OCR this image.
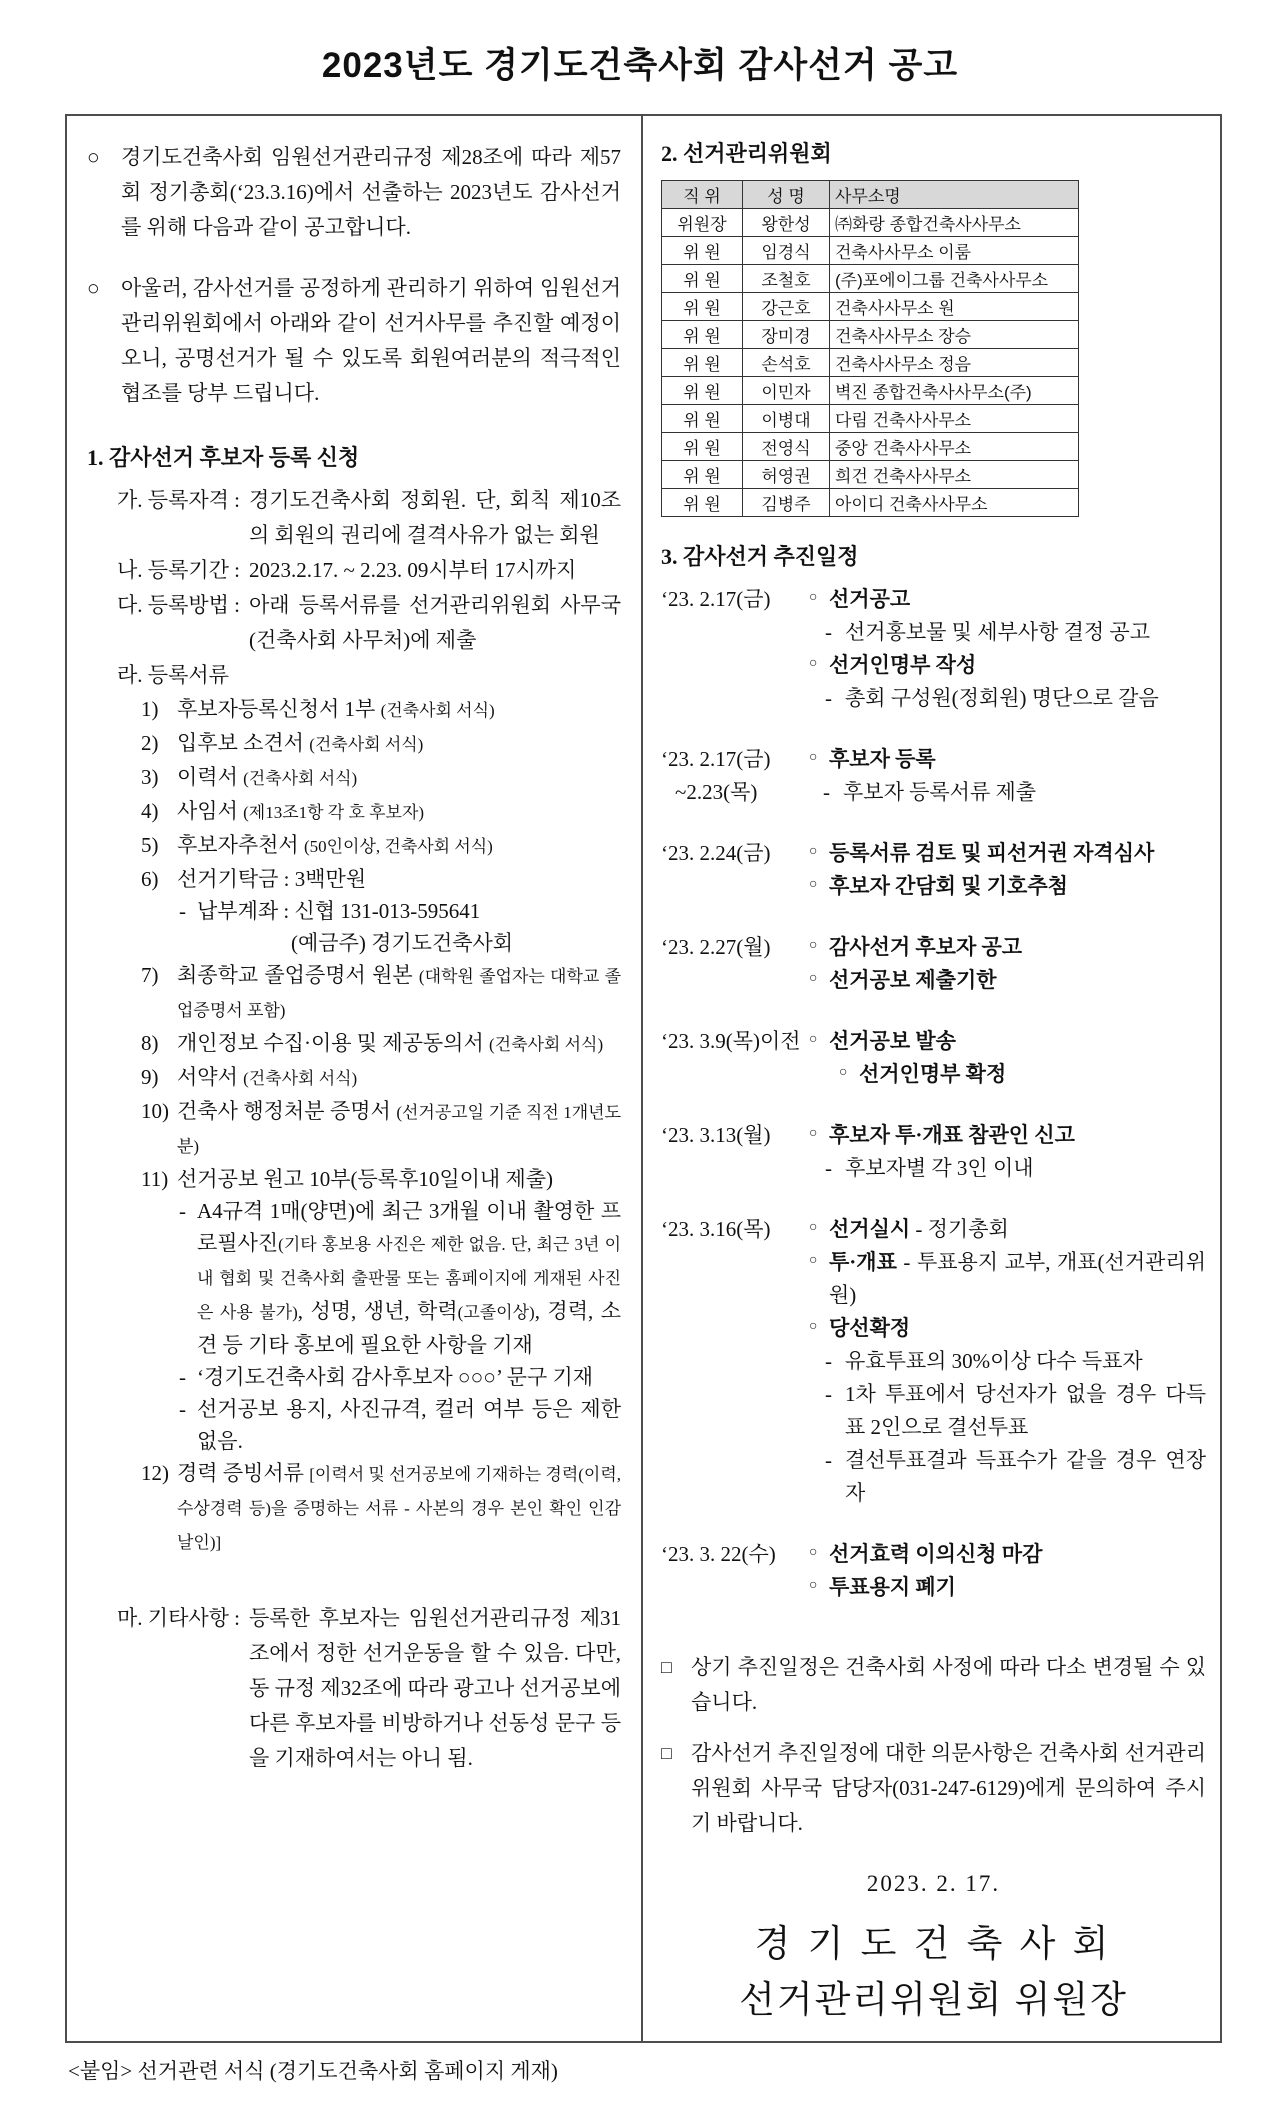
2023년도 경기도건축사회 감사선거 공고
○	경기도건축사회 임원선거관리규정 제28조에 따라 제57회 정기총회(‘23.3.16)에서 선출하는 2023년도 감사선거를 위해 다음과 같이 공고합니다.
○	아울러, 감사선거를 공정하게 관리하기 위하여 임원선거관리위원회에서 아래와 같이 선거사무를 추진할 예정이오니, 공명선거가 될 수 있도록 회원여러분의 적극적인 협조를 당부 드립니다.
1. 감사선거 후보자 등록 신청
가. 등록자격 : 경기도건축사회 정회원. 단, 회칙 제10조의 회원의 권리에 결격사유가 없는 회원
나. 등록기간 : 2023.2.17. ~ 2.23. 09시부터 17시까지
다. 등록방법 : 아래 등록서류를 선거관리위원회 사무국 (건축사회 사무처)에 제출
라. 등록서류
1) 후보자등록신청서 1부 (건축사회 서식)
2) 입후보 소견서 (건축사회 서식)
3) 이력서 (건축사회 서식)
4) 사임서 (제13조1항 각 호 후보자)
5) 후보자추천서 (50인이상, 건축사회 서식)
6) 선거기탁금 : 3백만원
- 납부계좌 : 신협 131-013-595641
(예금주) 경기도건축사회
7) 최종학교 졸업증명서 원본 (대학원 졸업자는 대학교 졸업증명서 포함)
8) 개인정보 수집·이용 및 제공동의서 (건축사회 서식)
9) 서약서 (건축사회 서식)
10) 건축사 행정처분 증명서 (선거공고일 기준 직전 1개년도분)
11) 선거공보 원고 10부(등록후10일이내 제출)
- A4규격 1매(양면)에 최근 3개월 이내 촬영한 프로필사진(기타 홍보용 사진은 제한 없음. 단, 최근 3년 이내 협회 및 건축사회 출판물 또는 홈페이지에 게재된 사진은 사용 불가), 성명, 생년, 학력(고졸이상), 경력, 소견 등 기타 홍보에 필요한 사항을 기재
- ‘경기도건축사회 감사후보자 ○○○’ 문구 기재
- 선거공보 용지, 사진규격, 컬러 여부 등은 제한 없음.
12) 경력 증빙서류 [이력서 및 선거공보에 기재하는 경력(이력, 수상경력 등)을 증명하는 서류 - 사본의 경우 본인 확인 인감 날인)]
마. 기타사항 : 등록한 후보자는 임원선거관리규정 제31조에서 정한 선거운동을 할 수 있음. 다만, 동 규정 제32조에 따라 광고나 선거공보에 다른 후보자를 비방하거나 선동성 문구 등을 기재하여서는 아니 됨.
2. 선거관리위원회
직 위	성 명	사무소명
위원장	왕한성	㈜화랑 종합건축사사무소
위 원	임경식	건축사사무소 이룸
위 원	조철호	(주)포에이그룹 건축사사무소
위 원	강근호	건축사사무소 원
위 원	장미경	건축사사무소 장승
위 원	손석호	건축사사무소 정음
위 원	이민자	벽진 종합건축사사무소(주)
위 원	이병대	다림 건축사사무소
위 원	전영식	중앙 건축사사무소
위 원	허영권	희건 건축사사무소
위 원	김병주	아이디 건축사사무소
3. 감사선거 추진일정
‘23. 2.17(금)	○ 선거공고
- 선거홍보물 및 세부사항 결정 공고
○ 선거인명부 작성
- 총회 구성원(정회원) 명단으로 갈음
‘23. 2.17(금)	○ 후보자 등록
~2.23(목)	- 후보자 등록서류 제출
‘23. 2.24(금)	○ 등록서류 검토 및 피선거권 자격심사
○ 후보자 간담회 및 기호추첨
‘23. 2.27(월)	○ 감사선거 후보자 공고
○ 선거공보 제출기한
‘23. 3.9(목)이전 ○ 선거공보 발송
○ 선거인명부 확정
‘23. 3.13(월)	○ 후보자 투·개표 참관인 신고
- 후보자별 각 3인 이내
‘23. 3.16(목)	○ 선거실시 - 정기총회
○ 투·개표 - 투표용지 교부, 개표(선거관리위원)
○ 당선확정
- 유효투표의 30%이상 다수 득표자
- 1차 투표에서 당선자가 없을 경우 다득표 2인으로 결선투표
- 결선투표결과 득표수가 같을 경우 연장자
‘23. 3. 22(수)	○ 선거효력 이의신청 마감
○ 투표용지 폐기
□ 상기 추진일정은 건축사회 사정에 따라 다소 변경될 수 있습니다.
□ 감사선거 추진일정에 대한 의문사항은 건축사회 선거관리위원회 사무국 담당자(031-247-6129)에게 문의하여 주시기 바랍니다.
2023. 2. 17.
경 기 도 건 축 사 회
선거관리위원회 위원장
<붙임> 선거관련 서식 (경기도건축사회 홈페이지 게재)
